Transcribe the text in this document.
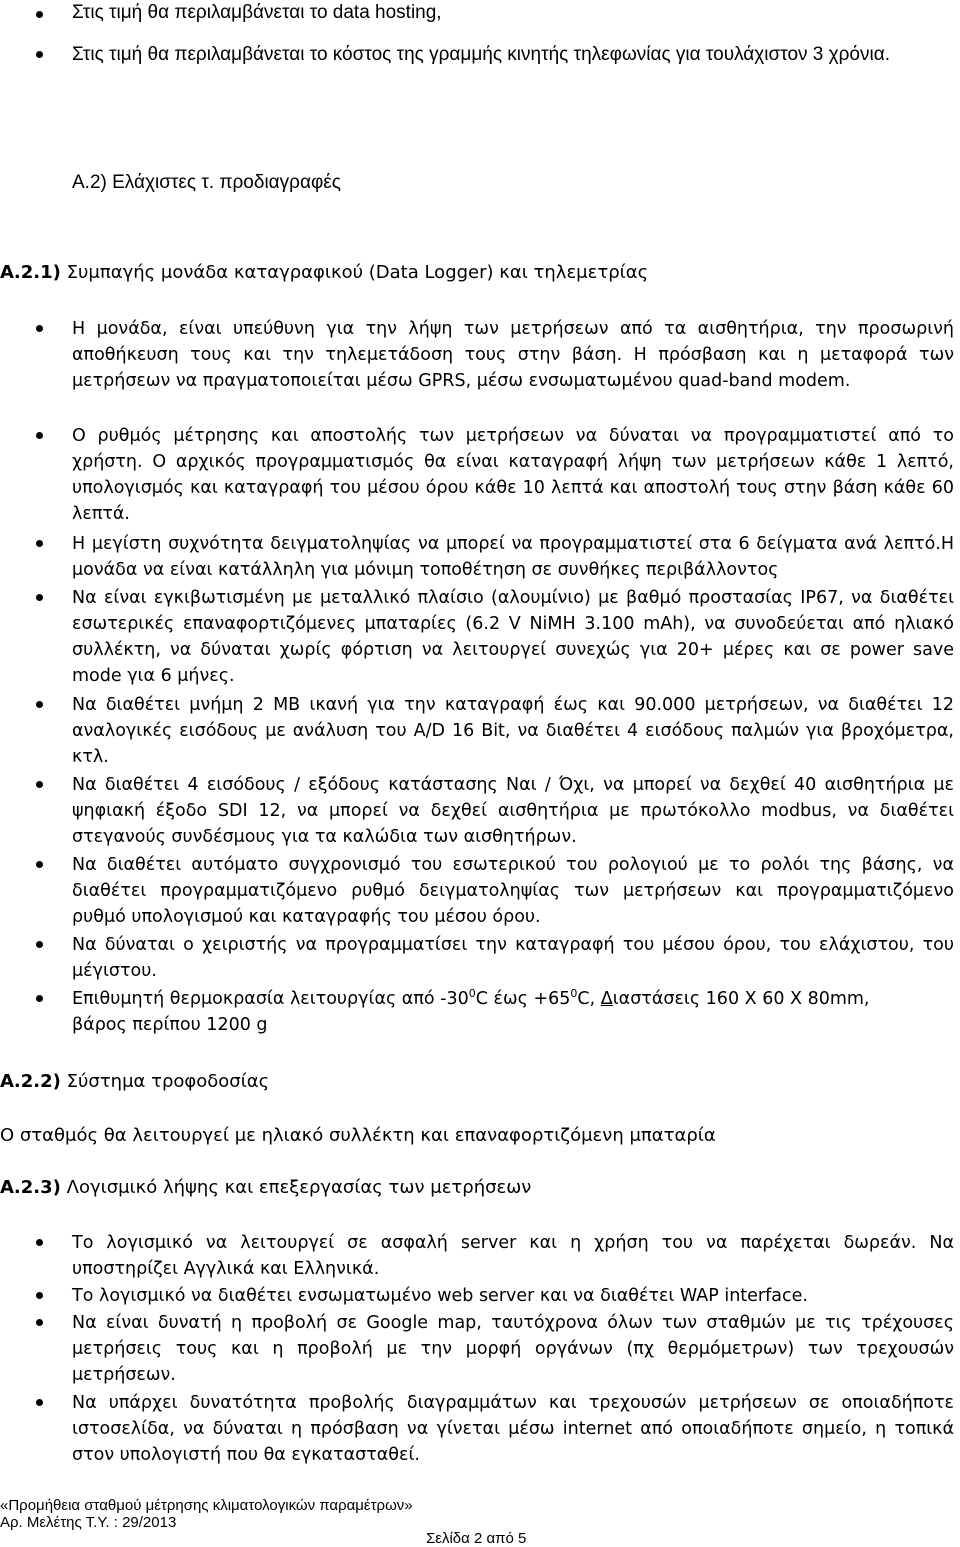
Στις τιμή θα περιλαμβάνεται το data hosting,

Στις τιμή θα περιλαμβάνεται το κόστος της γραμμής κινητής τηλεφωνίας για τουλάχιστον 3 χρόνια.

Α.2) Ελάχιστες τ. προδιαγραφές

Α.2.1) Συμπαγής μονάδα καταγραφικού (Data Logger) και τηλεμετρίας

Η μονάδα, είναι υπεύθυνη για την λήψη των μετρήσεων από τα αισθητήρια, την προσωρινή αποθήκευση τους και την τηλεμετάδοση τους στην βάση. Η πρόσβαση και η μεταφορά των μετρήσεων να πραγματοποιείται μέσω GPRS, μέσω ενσωματωμένου quad-band modem.

Ο ρυθμός μέτρησης και αποστολής των μετρήσεων να δύναται να προγραμματιστεί από το χρήστη. Ο αρχικός προγραμματισμός θα είναι καταγραφή λήψη των μετρήσεων κάθε 1 λεπτό, υπολογισμός και καταγραφή του μέσου όρου κάθε 10 λεπτά και αποστολή τους στην βάση κάθε 60 λεπτά.

Η μεγίστη συχνότητα δειγματοληψίας να μπορεί να προγραμματιστεί στα 6 δείγματα ανά λεπτό.Η μονάδα να είναι κατάλληλη για μόνιμη τοποθέτηση σε συνθήκες περιβάλλοντος

Να είναι εγκιβωτισμένη με μεταλλικό πλαίσιο (αλουμίνιο) με βαθμό προστασίας IP67, να διαθέτει εσωτερικές επαναφορτιζόμενες μπαταρίες (6.2 V NiMH 3.100 mAh), να συνοδεύεται από ηλιακό συλλέκτη, να δύναται χωρίς φόρτιση να λειτουργεί συνεχώς για 20+ μέρες και σε power save mode για 6 μήνες.

Να διαθέτει μνήμη 2 MB ικανή για την καταγραφή έως και 90.000 μετρήσεων, να διαθέτει 12 αναλογικές εισόδους με ανάλυση του A/D 16 Bit, να διαθέτει 4 εισόδους παλμών για βροχόμετρα, κτλ.

Να διαθέτει 4 εισόδους / εξόδους κατάστασης Ναι / Όχι, να μπορεί να δεχθεί 40 αισθητήρια με ψηφιακή έξοδο SDI 12, να μπορεί να δεχθεί αισθητήρια με πρωτόκολλο modbus, να διαθέτει στεγανούς συνδέσμους για τα καλώδια των αισθητήρων.

Να διαθέτει αυτόματο συγχρονισμό του εσωτερικού του ρολογιού με το ρολόι της βάσης, να διαθέτει προγραμματιζόμενο ρυθμό δειγματοληψίας των μετρήσεων και προγραμματιζόμενο ρυθμό υπολογισμού και καταγραφής του μέσου όρου.

Να δύναται ο χειριστής να προγραμματίσει την καταγραφή του μέσου όρου, του ελάχιστου, του μέγιστου.

Επιθυμητή θερμοκρασία λειτουργίας από $-30^0C$ $έ\omega\varsigma +65^0C$, Διαστάσεις 160 Χ 60 Χ 80mm,
βάρος περίπου 1200 g

Α.2.2) Σύστημα τροφοδοσίας

Ο σταθμός θα λειτουργεί με ηλιακό συλλέκτη και επαναφορτιζόμενη μπαταρία

Α.2.3) Λογισμικό λήψης και επεξεργασίας των μετρήσεων

Το λογισμικό να λειτουργεί σε ασφαλή server και η χρήση του να παρέχεται δωρεάν. Να υποστηρίζει Αγγλικά και Ελληνικά.

Το λογισμικό να διαθέτει ενσωματωμένο web server και να διαθέτει WAP interface.

Να είναι δυνατή η προβολή σε Google map, ταυτόχρονα όλων των σταθμών με τις τρέχουσες μετρήσεις τους και η προβολή με την μορφή οργάνων (πχ θερμόμετρων) των τρεχουσών μετρήσεων.

Να υπάρχει δυνατότητα προβολής διαγραμμάτων και τρεχουσών μετρήσεων σε οποιαδήποτε ιστοσελίδα, να δύναται η πρόσβαση να γίνεται μέσω internet από οποιαδήποτε σημείο, η τοπικά στον υπολογιστή που θα εγκατασταθεί.

«Προμήθεια σταθμού μέτρησης κλιματολογικών παραμέτρων»

Αρ. Μελέτης Τ.Υ. : 29/2013

Σελίδα 2 από 5
